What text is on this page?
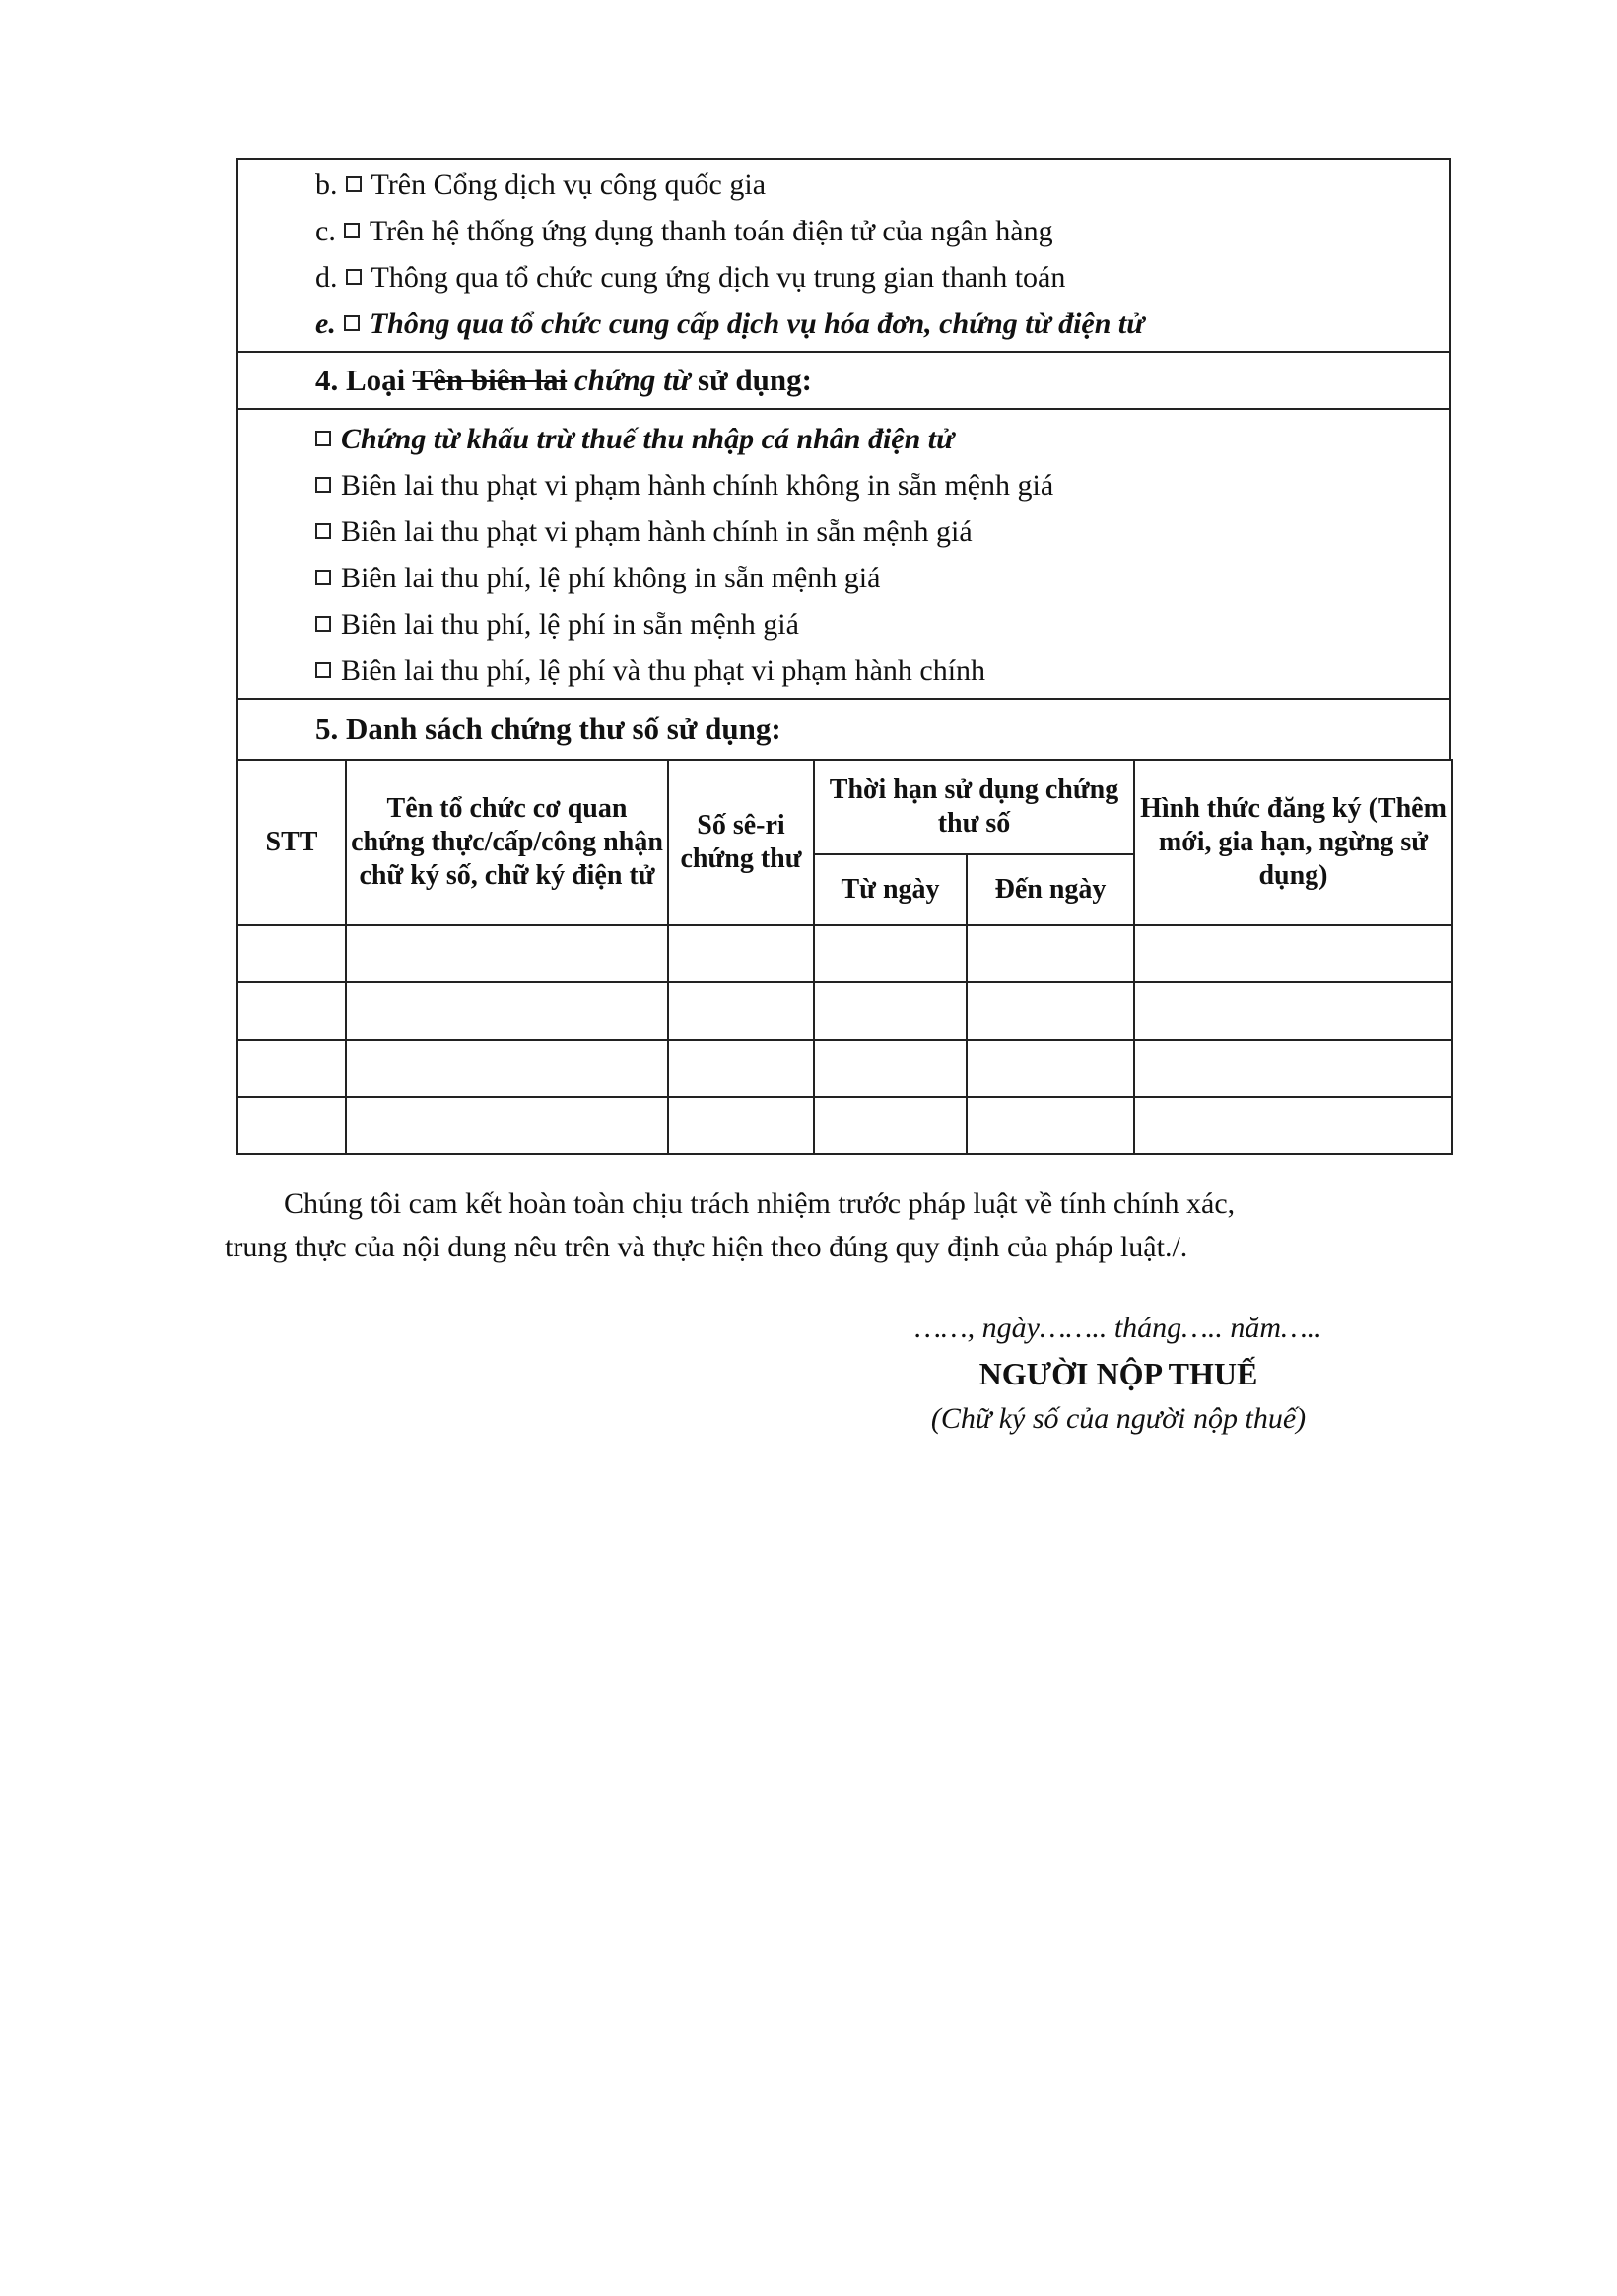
b. Trên Cổng dịch vụ công quốc gia
c. Trên hệ thống ứng dụng thanh toán điện tử của ngân hàng
d. Thông qua tổ chức cung ứng dịch vụ trung gian thanh toán
e. Thông qua tổ chức cung cấp dịch vụ hóa đơn, chứng từ điện tử
4. Loại Tên biên lai chứng từ sử dụng:
Chứng từ khấu trừ thuế thu nhập cá nhân điện tử
Biên lai thu phạt vi phạm hành chính không in sẵn mệnh giá
Biên lai thu phạt vi phạm hành chính in sẵn mệnh giá
Biên lai thu phí, lệ phí không in sẵn mệnh giá
Biên lai thu phí, lệ phí in sẵn mệnh giá
Biên lai thu phí, lệ phí và thu phạt vi phạm hành chính
5. Danh sách chứng thư số sử dụng:
STT	Tên tổ chức cơ quan chứng thực/cấp/công nhận chữ ký số, chữ ký điện tử	Số sê-ri chứng thư	Thời hạn sử dụng chứng thư số		Hình thức đăng ký (Thêm mới, gia hạn, ngừng sử dụng)
			Từ ngày	Đến ngày	

Chúng tôi cam kết hoàn toàn chịu trách nhiệm trước pháp luật về tính chính xác,
trung thực của nội dung nêu trên và thực hiện theo đúng quy định của pháp luật./.
……, ngày…….. tháng….. năm…..
NGƯỜI NỘP THUẾ
(Chữ ký số của người nộp thuế)
